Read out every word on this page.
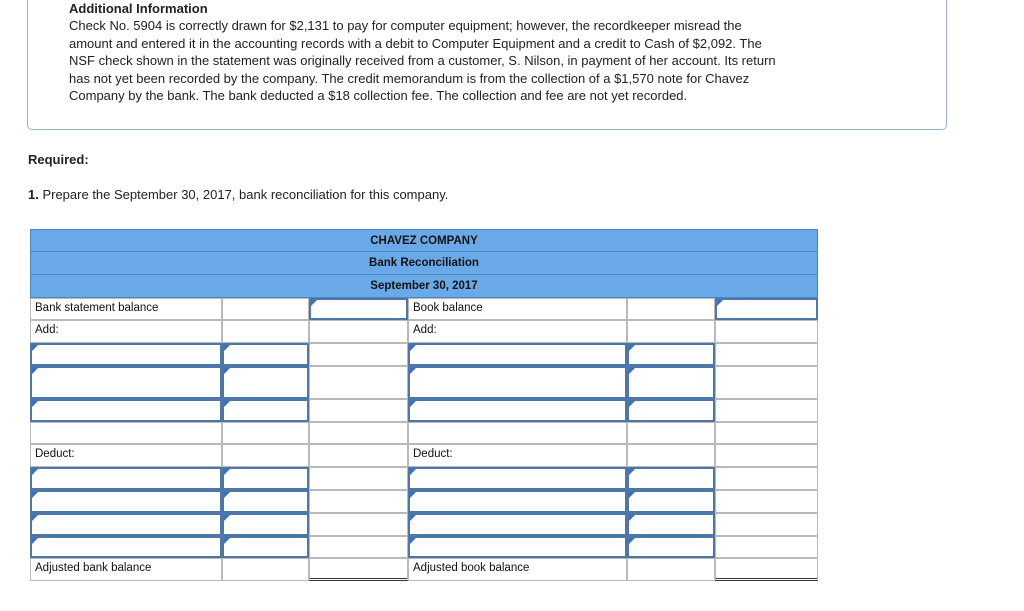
Additional Information
Check No. 5904 is correctly drawn for $2,131 to pay for computer equipment; however, the recordkeeper misread the
amount and entered it in the accounting records with a debit to Computer Equipment and a credit to Cash of $2,092. The
NSF check shown in the statement was originally received from a customer, S. Nilson, in payment of her account. Its return
has not yet been recorded by the company. The credit memorandum is from the collection of a $1,570 note for Chavez
Company by the bank. The bank deducted a $18 collection fee. The collection and fee are not yet recorded.
Required:
1. Prepare the September 30, 2017, bank reconciliation for this company.
CHAVEZ COMPANY
Bank Reconciliation
September 30, 2017
Bank statement balance	Book balance
Add:	Add:
Deduct:	Deduct:
Adjusted bank balance	Adjusted book balance
